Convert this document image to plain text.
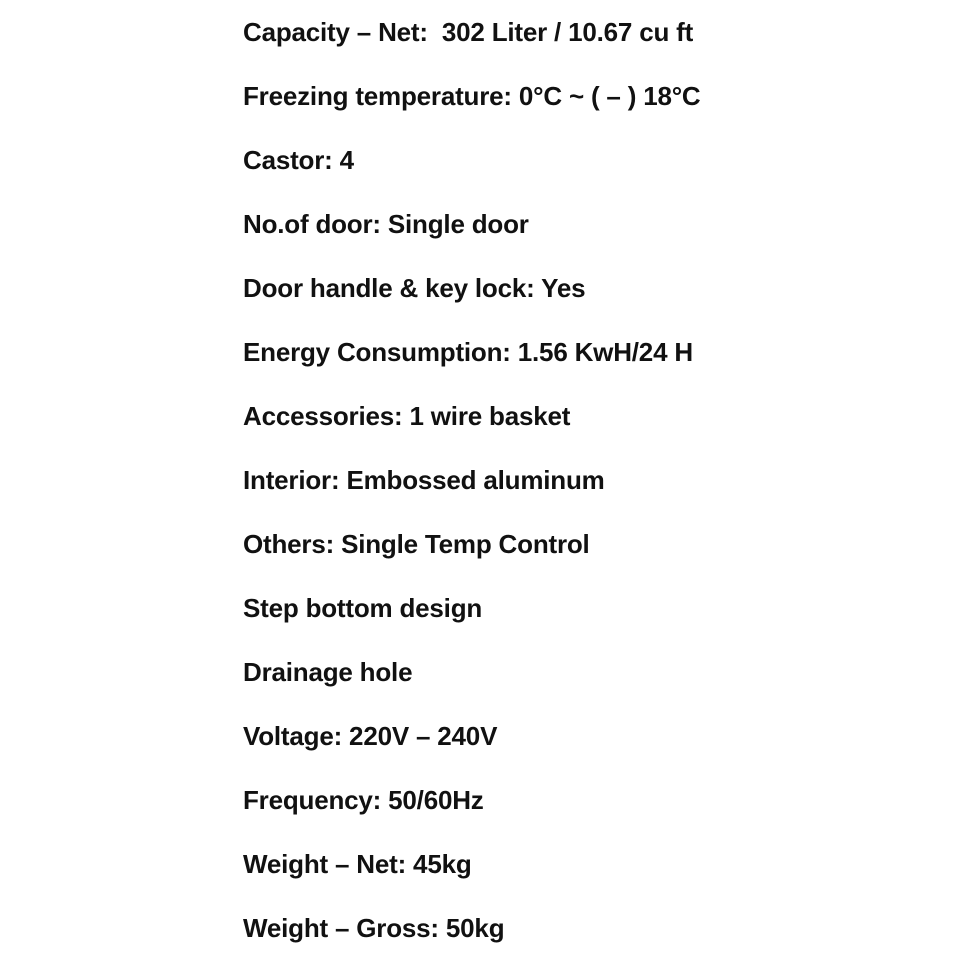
Capacity – Net:  302 Liter / 10.67 cu ft
Freezing temperature: 0°C ~ ( – ) 18°C
Castor: 4
No.of door: Single door
Door handle & key lock: Yes
Energy Consumption: 1.56 KwH/24 H
Accessories: 1 wire basket
Interior: Embossed aluminum
Others: Single Temp Control
Step bottom design
Drainage hole
Voltage: 220V – 240V
Frequency: 50/60Hz
Weight – Net: 45kg
Weight – Gross: 50kg
